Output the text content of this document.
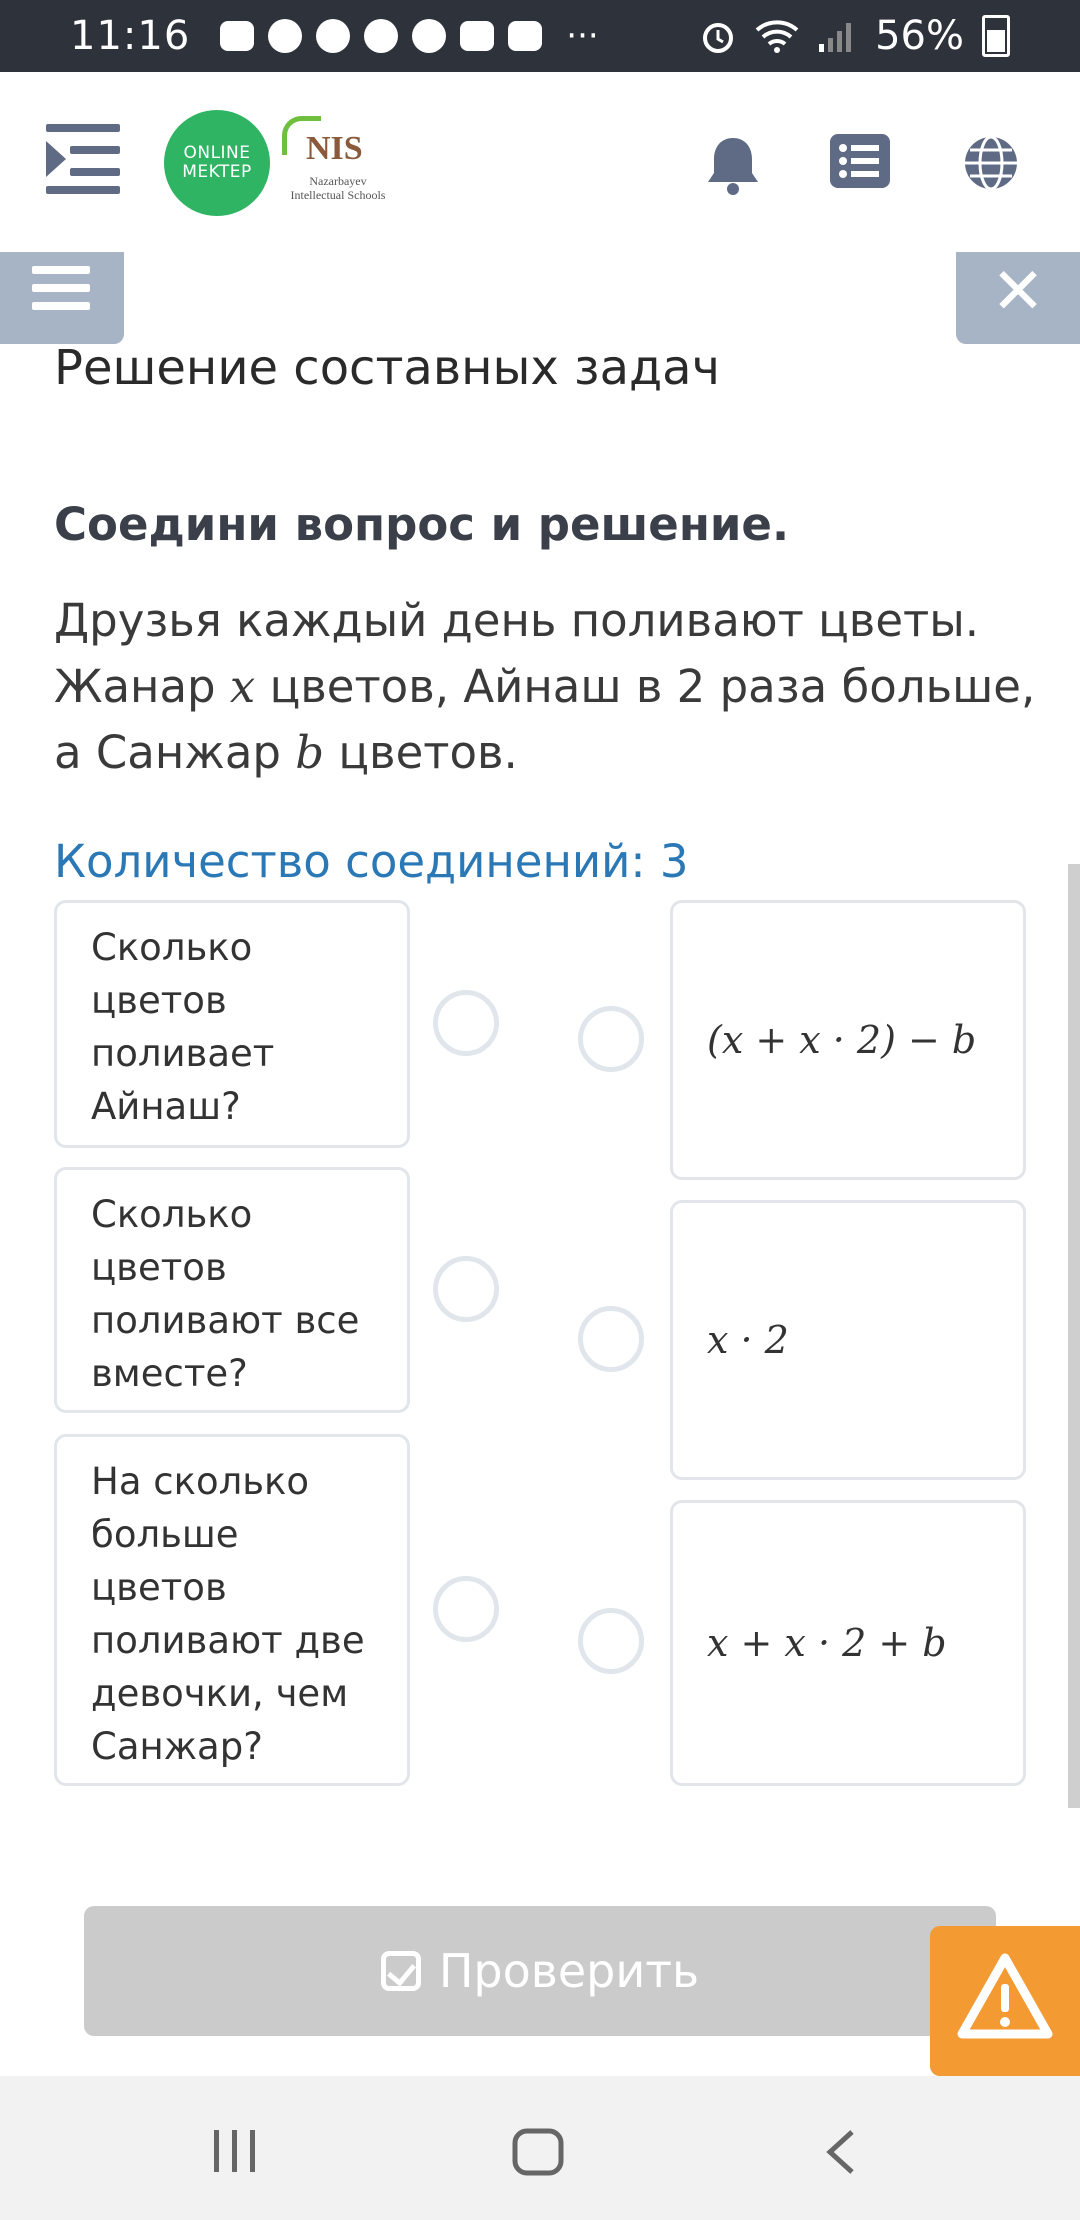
11:16	···	56%
ONLINE
MEKTEP
NIS
Nazarbayev Intellectual Schools
✕
Решение составных задач
Соедини вопрос и решение.
Друзья каждый день поливают цветы.
Жанар x цветов, Айнаш в 2 раза больше,
а Санжар b цветов.
Количество соединений: 3
Сколько цветов поливает Айнаш?
Сколько цветов поливают все вместе?
На сколько больше цветов поливают две девочки, чем Санжар?
(x + x · 2) − b
x · 2
x + x · 2 + b
Проверить
